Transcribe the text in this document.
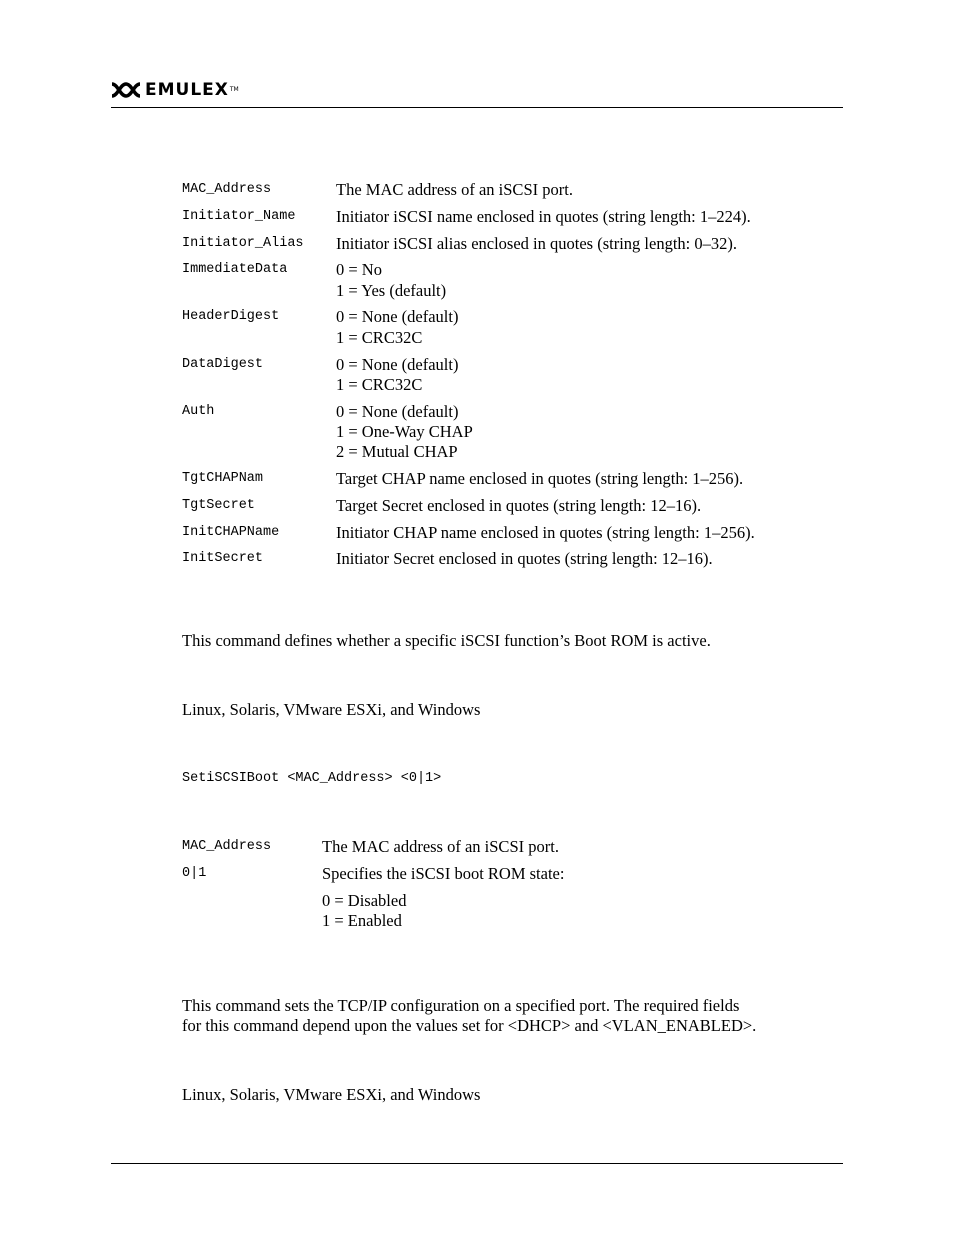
EMULEX TM
MAC_Address	The MAC address of an iSCSI port.
Initiator_Name	Initiator iSCSI name enclosed in quotes (string length: 1–224).
Initiator_Alias	Initiator iSCSI alias enclosed in quotes (string length: 0–32).
ImmediateData	0 = No
1 = Yes (default)
HeaderDigest	0 = None (default)
1 = CRC32C
DataDigest	0 = None (default)
1 = CRC32C
Auth	0 = None (default)
1 = One-Way CHAP
2 = Mutual CHAP
TgtCHAPNam	Target CHAP name enclosed in quotes (string length: 1–256).
TgtSecret	Target Secret enclosed in quotes (string length: 12–16).
InitCHAPName	Initiator CHAP name enclosed in quotes (string length: 1–256).
InitSecret	Initiator Secret enclosed in quotes (string length: 12–16).
This command defines whether a specific iSCSI function’s Boot ROM is active.
Linux, Solaris, VMware ESXi, and Windows
SetiSCSIBoot <MAC_Address> <0|1>
MAC_Address	The MAC address of an iSCSI port.
0|1	Specifies the iSCSI boot ROM state:
0 = Disabled
1 = Enabled
This command sets the TCP/IP configuration on a specified port. The required fields
for this command depend upon the values set for <DHCP> and <VLAN_ENABLED>.
Linux, Solaris, VMware ESXi, and Windows
